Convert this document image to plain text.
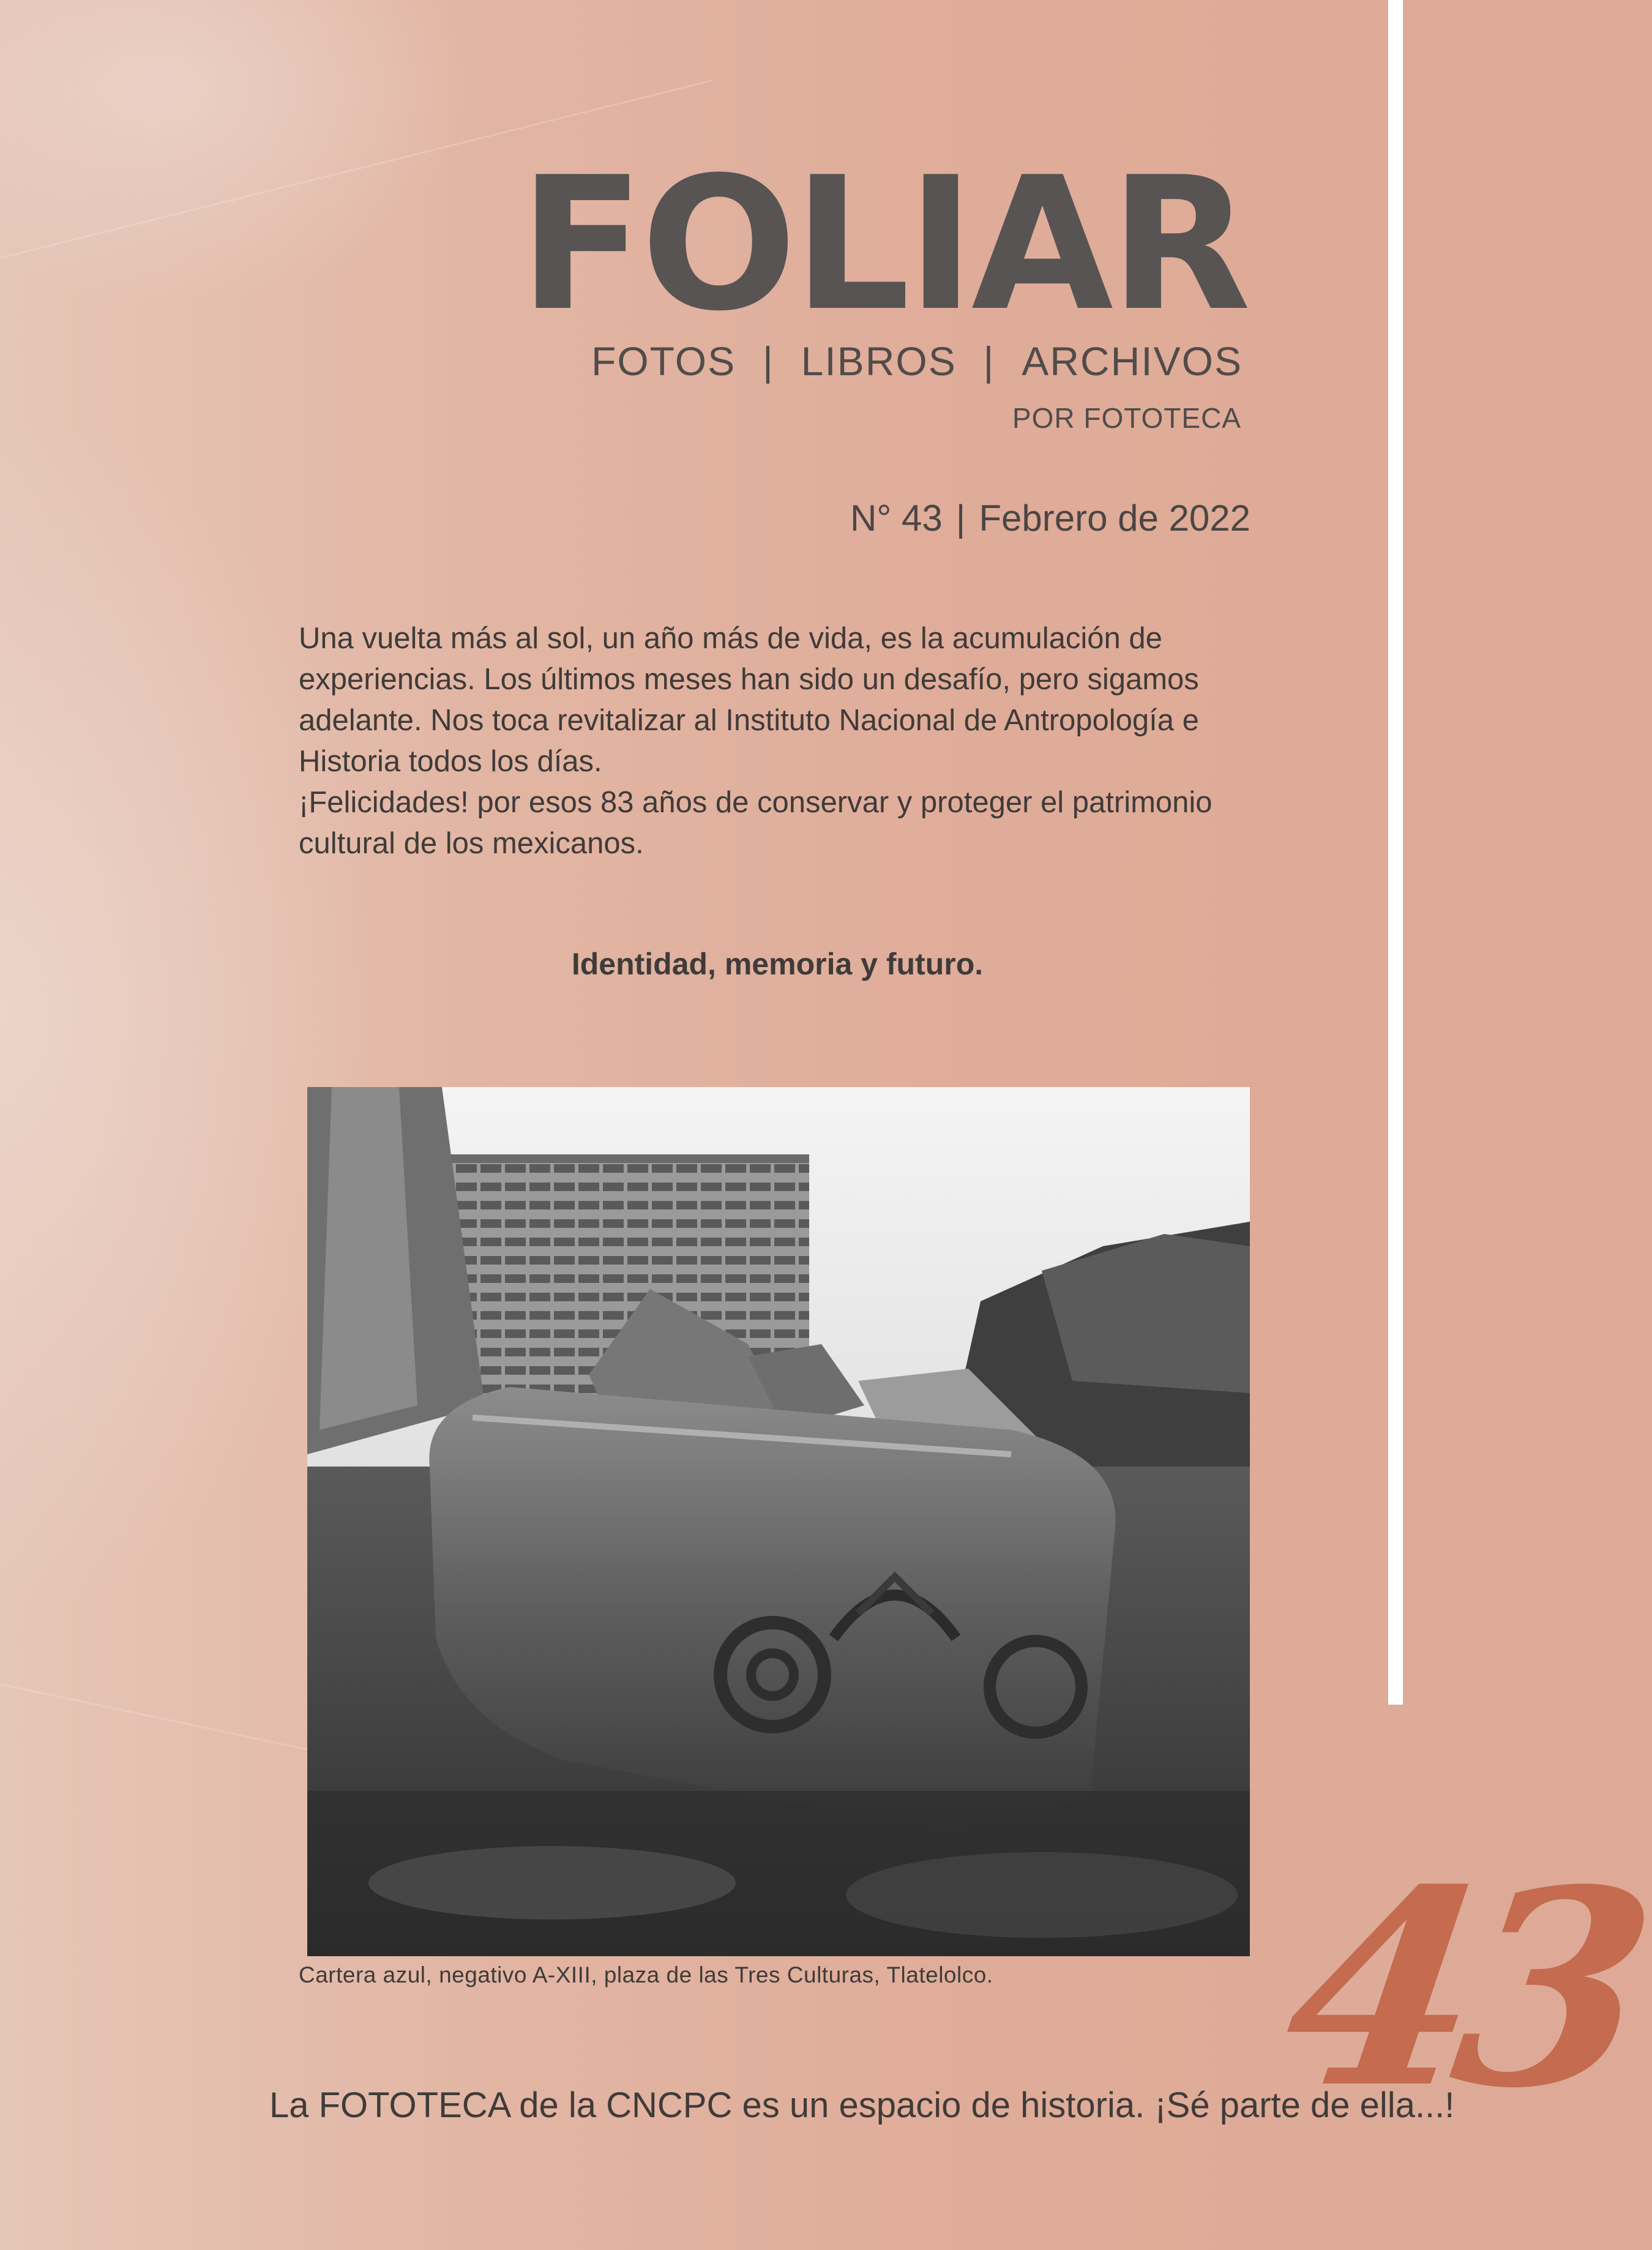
FOLIAR
FOTOS | LIBROS | ARCHIVOS
POR FOTOTECA
N° 43 | Febrero de 2022

Una vuelta más al sol, un año más de vida, es la acumulación de experiencias. Los últimos meses han sido un desafío, pero sigamos adelante. Nos toca revitalizar al Instituto Nacional de Antropología e Historia todos los días.

¡Felicidades! por esos 83 años de conservar y proteger el patrimonio cultural de los mexicanos.

Identidad, memoria y futuro.
Cartera azul, negativo A-XIII, plaza de las Tres Culturas, Tlatelolco. 43
La FOTOTECA de la CNCPC es un espacio de historia. ¡Sé parte de ella...!
